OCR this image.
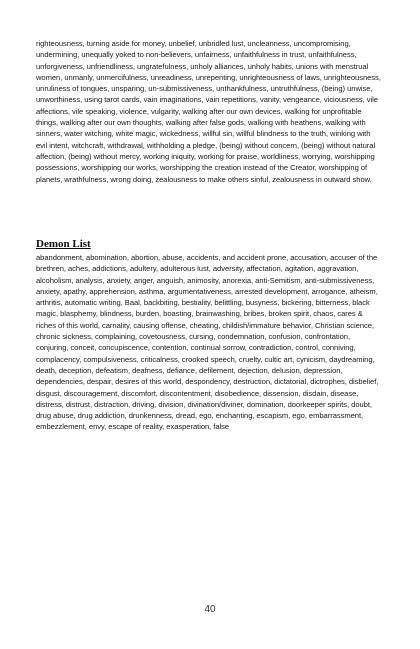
righteousness, turning aside for money, unbelief, unbridled lust, uncleanness, uncompromising, undermining, unequally yoked to non-believers, unfairness, unfaithfulness in trust, unfaithfulness, unforgiveness, unfriendliness, ungratefulness, unholy alliances, unholy habits, unions with menstrual women, unmanly, unmercifulness, unreadiness, unrepenting, unrighteousness of laws, unrighteousness, unruliness of tongues, unsparing, un-submissiveness, unthankfulness, untruthfulness, (being) unwise, unworthiness, using tarot cards, vain imaginations, vain repetitions, vanity, vengeance, viciousness, vile affections, vile speaking, violence, vulgarity, walking after our own devices, walking for unprofitable things, walking after our own thoughts, walking after false gods, walking with heathens, walking with sinners, water witching, white magic, wickedness, willful sin, willful blindness to the truth, winking with evil intent, witchcraft, withdrawal, withholding a pledge, (being) without concern, (being) without natural affection, (being) without mercy, working iniquity, working for praise, worldliness, worrying, worshipping possessions, worshipping our works, worshipping the creation instead of the Creator, worshipping of planets, wrathfulness, wrong doing, zealousness to make others sinful, zealousness in outward show.
Demon List
abandonment, abomination, abortion, abuse, accidents, and accident prone, accusation, accuser of the brethren, aches, addictions, adultery, adulterous lust, adversity, affectation, agitation, aggravation, alcoholism, analysis, anxiety, anger, anguish, animosity, anorexia, anti-Semitism, anti-submissiveness, anxiety, apathy, apprehension, asthma, argumentativeness, arrested development, arrogance, atheism, arthritis, automatic writing, Baal, backbiting, bestiality, belittling, busyness, bickering, bitterness, black magic, blasphemy, blindness, burden, boasting, brainwashing, bribes, broken spirit, chaos, cares & riches of this world, carnality, causing offense, cheating, childish/immature behavior, Christian science, chronic sickness, complaining, covetousness, cursing, condemnation, confusion, confrontation, conjuring, conceit, concupiscence, contention, continual sorrow, contradiction, control, conniving, complacency, compulsiveness, criticalness, crooked speech, cruelty, cultic art, cynicism, daydreaming, death, deception, defeatism, deafness, defiance, defilement, dejection, delusion, depression, dependencies, despair, desires of this world, despondency, destruction, dictatorial, dictrophes, disbelief, disgust, discouragement, discomfort, discontentment, disobedience, dissension, disdain, disease, distress, distrust, distraction, driving, division, divination/diviner, domination, doorkeeper spirits, doubt, drug abuse, drug addiction, drunkenness, dread, ego, enchanting, escapism, ego, embarrassment, embezzlement, envy, escape of reality, exasperation, false
40
